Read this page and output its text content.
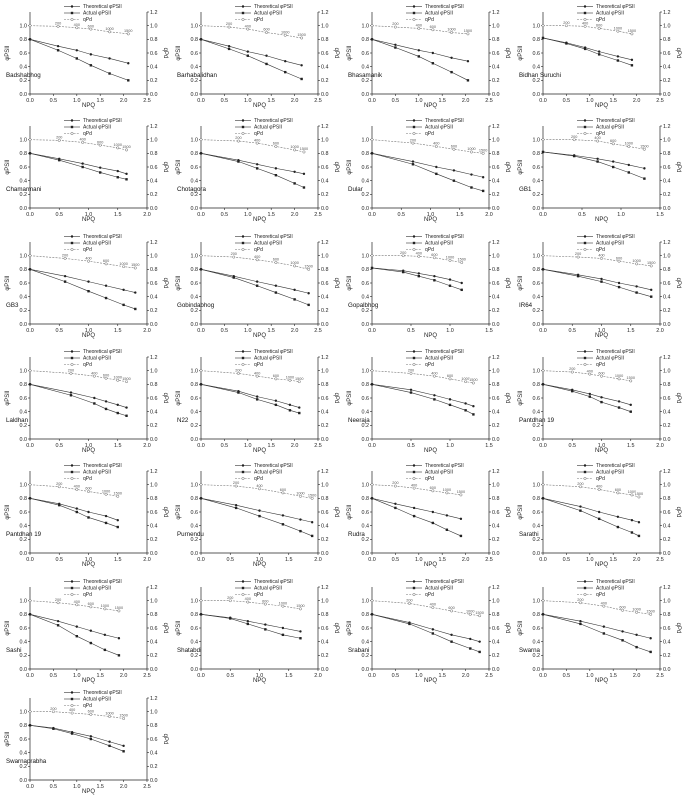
0.0	0.5	1.0	1.5	2.0	2.5
0.0
0.2
0.4
0.6
0.8
1.0
0.0
0.2
0.4
0.6
0.8
1.0
1.2
φPSII	qPd
NPQ
Badshabhog
Theoretical φPSII
Actual φPSII
200	400 600
1000
1500
qPd
0.0	0.5	1.0	1.5	2.0	2.5
0.0
0.2
0.4
0.6
0.8
1.0
0.0
0.2
0.4
0.6
0.8
1.0
1.2
φPSII	qPd
NPQ
Barhabalidhan
Theoretical φPSII
Actual φPSII
200
400
600
1000
1500
qPd
0.0	0.5	1.0	1.5	2.0	2.5
0.0
0.2
0.4
0.6
0.8
1.0
0.0
0.2
0.4
0.6
0.8
1.0
1.2
φPSII	qPd
NPQ
Bhasamanik
Theoretical φPSII
Actual φPSII
200	400 600
1000 1500
qPd
0.0	0.5	1.0	1.5	2.0	2.5
0.0
0.2
0.4
0.6
0.8
1.0
0.0
0.2
0.4
0.6
0.8
1.0
1.2
φPSII	qPd
NPQ
Bidhan Suruchi
Theoretical φPSII
Actual φPSII
200	400
600
1000
1500
qPd
0.0	0.5	1.0	1.5	2.0
0.0
0.2
0.4
0.6
0.8
1.0
0.0
0.2
0.4
0.6
0.8
1.0
1.2
φPSII	qPd
NPQ
Chamarmani
Theoretical φPSII
Actual φPSII
200
400
600
1000
1500
qPd
0.0	0.5	1.0	1.5	2.0	2.5
0.0
0.2
0.4
0.6
0.8
1.0
0.0
0.2
0.4
0.6
0.8
1.0
1.2
φPSII	qPd
NPQ
Chotagora
Theoretical φPSII
Actual φPSII
200
400
600
1000
1500
qPd
0.0	0.5	1.0	1.5	2.0
0.0
0.2
0.4
0.6
0.8
1.0
0.0
0.2
0.4
0.6
0.8
1.0
1.2
φPSII	qPd
NPQ
Dular
Theoretical φPSII
Actual φPSII
200
400
600
1000 1500
qPd
0.0	0.5	1.0	1.5
0.0
0.2
0.4
0.6
0.8
1.0
0.0
0.2
0.4
0.6
0.8
1.0
1.2
φPSII	qPd
NPQ
GB1
Theoretical φPSII
Actual φPSII
200	400
600
1000
1500
qPd
0.0	0.5	1.0	1.5	2.0
0.0
0.2
0.4
0.6
0.8
1.0
0.0
0.2
0.4
0.6
0.8
1.0
1.2
φPSII	qPd
NPQ
GB3
Theoretical φPSII
Actual φPSII
200
400
600
1000 1500
qPd
0.0	0.5	1.0	1.5	2.0	2.5
0.0
0.2
0.4
0.6
0.8
1.0
0.0
0.2
0.4
0.6
0.8
1.0
1.2
φPSII	qPd
NPQ
Gobindabhog
Theoretical φPSII
Actual φPSII
200
400
600
1000
1500
qPd
0.0	0.5	1.0	1.5
0.0
0.2
0.4
0.6
0.8
1.0
0.0
0.2
0.4
0.6
0.8
1.0
1.2
φPSII	qPd
NPQ
Gopalbhog
Theoretical φPSII
Actual φPSII
200 400 600
1000
1500
qPd
0.0	0.5	1.0	1.5	2.0
0.0
0.2
0.4
0.6
0.8
1.0
0.0
0.2
0.4
0.6
0.8
1.0
1.2
φPSII	qPd
NPQ
IR64
Theoretical φPSII
Actual φPSII
200	400
600
1000
1500
qPd
0.0	0.5	1.0	1.5	2.0
0.0
0.2
0.4
0.6
0.8
1.0
0.0
0.2
0.4
0.6
0.8
1.0
1.2
φPSII	qPd
NPQ
Laldhan
Theoretical φPSII
Actual φPSII
200
400
600
1000 1500
qPd
0.0	0.5	1.0	1.5	2.0	2.5
0.0
0.2
0.4
0.6
0.8
1.0
0.0
0.2
0.4
0.6
0.8
1.0
1.2
φPSII	qPd
NPQ
N22
Theoretical φPSII
Actual φPSII
200
400
600 1000 1500
qPd
0.0	0.5	1.0	1.5
0.0
0.2
0.4
0.6
0.8
1.0
0.0
0.2
0.4
0.6
0.8
1.0
1.2
φPSII	qPd
NPQ
Neeraja
Theoretical φPSII
Actual φPSII
200
400
600
1000 1500
qPd
0.0	0.5	1.0	1.5	2.0
0.0
0.2
0.4
0.6
0.8
1.0
0.0
0.2
0.4
0.6
0.8
1.0
1.2
φPSII	qPd
NPQ
Pantdhan 19
Theoretical φPSII
Actual φPSII
200
400
600
1000
1500
qPd
0.0	0.5	1.0	1.5	2.0
0.0
0.2
0.4
0.6
0.8
1.0
0.0
0.2
0.4
0.6
0.8
1.0
1.2
φPSII	qPd
NPQ
Pantdhan 19
Theoretical φPSII
Actual φPSII
200
400
600
1000
1500
qPd
0.0	0.5	1.0	1.5	2.0
0.0
0.2
0.4
0.6
0.8
1.0
0.0
0.2
0.4
0.6
0.8
1.0
1.2
φPSII	qPd
NPQ
Purnendu
Theoretical φPSII
Actual φPSII
200
400
600
1000
1500
qPd
0.0	0.5	1.0	1.5	2.0	2.5
0.0
0.2
0.4
0.6
0.8
1.0
0.0
0.2
0.4
0.6
0.8
1.0
1.2
φPSII	qPd
NPQ
Rudra
Theoretical φPSII
Actual φPSII
200
400
600
1000
1500
qPd
0.0	0.5	1.0	1.5	2.0	2.5
0.0
0.2
0.4
0.6
0.8
1.0
0.0
0.2
0.4
0.6
0.8
1.0
1.2
φPSII	qPd
NPQ
Sarathi
Theoretical φPSII
Actual φPSII
200
400
600
1000
1500
qPd
0.0	0.5	1.0	1.5	2.0	2.5
0.0
0.2
0.4
0.6
0.8
1.0
0.0
0.2
0.4
0.6
0.8
1.0
1.2
φPSII	qPd
NPQ
Sashi
Theoretical φPSII
Actual φPSII
200
400
600
1000
1500
qPd
0.0	0.5	1.0	1.5	2.0
0.0
0.2
0.4
0.6
0.8
1.0
0.0
0.2
0.4
0.6
0.8
1.0
1.2
φPSII	qPd
NPQ
Shatabdi
Theoretical φPSII
Actual φPSII
200	400
600
1000
1500
qPd
0.0	0.5	1.0	1.5	2.0	2.5
0.0
0.2
0.4
0.6
0.8
1.0
0.0
0.2
0.4
0.6
0.8
1.0
1.2
φPSII	qPd
NPQ
Srabani
Theoretical φPSII
Actual φPSII
200
400
600
1000 1500
qPd
0.0	0.5	1.0	1.5	2.0	2.5
0.0
0.2
0.4
0.6
0.8
1.0
0.0
0.2
0.4
0.6
0.8
1.0
1.2
φPSII	qPd
NPQ
Swarna
Theoretical φPSII
Actual φPSII
200
400
600
1000
1500
qPd
0.0	0.5	1.0	1.5	2.0	2.5
0.0
0.2
0.4
0.6
0.8
1.0
0.0
0.2
0.4
0.6
0.8
1.0
1.2
φPSII	qPd
NPQ
Swarnaprabha
Theoretical φPSII
Actual φPSII
200	400	600
1000
1500
qPd
